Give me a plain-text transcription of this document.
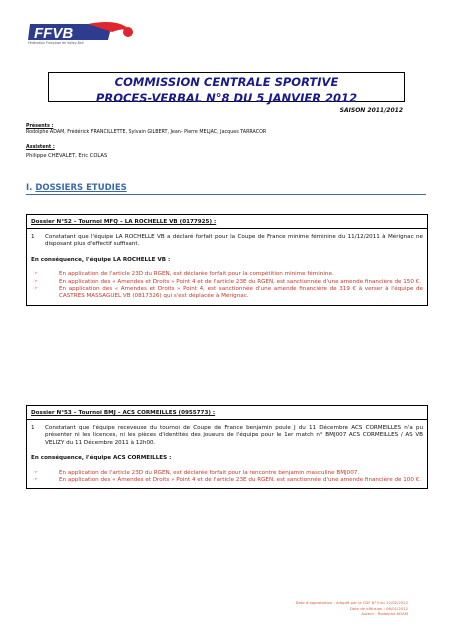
FFVB
Fédération Française de Volley-Ball
COMMISSION CENTRALE SPORTIVE
PROCES-VERBAL N°8 DU 5 JANVIER 2012
SAISON 2011/2012
Présents :
Rodolphe ADAM, Frédérick FRANCILLETTE, Sylvain GILBERT, Jean- Pierre MELJAC, Jacques TARRACOR
Assistent :
Philippe CHEVALET, Eric COLAS
I. DOSSIERS ETUDIES
Dossier N°52 – Tournoi MFQ – LA ROCHELLE VB (0177925) :
1	Constatant que l'équipe LA ROCHELLE VB a déclaré forfait pour la Coupe de France minime féminine du 11/12/2011 à Mérignac ne disposant plus d'effectif suffisant.
En conséquence, l'équipe LA ROCHELLE VB :
☞	En application de l'article 23D du RGEN, est déclarée forfait pour la compétition minime féminine.
☞	En application des « Amendes et Droits » Point 4 et de l'article 23E du RGEN, est sanctionnée d'une amende financière de 150 €.
☞	En application des « Amendes et Droits » Point 4, est sanctionnée d'une amende financière de 319 € à verser à l'équipe de CASTRES MASSAGUEL VB (0817326) qui s'est déplacée à Mérignac.
Dossier N°53 – Tournoi BMJ – ACS CORMEILLES (0955773) :
1	Constatant que l'équipe receveuse du tournoi de Coupe de France benjamin poule J du 11 Décembre ACS CORMEILLES n'a pu présenter ni les licences, ni les pièces d'identités des joueurs de l'équipe pour le 1er match n° BMJ007 ACS CORMEILLES / AS VB VELIZY du 11 Décembre 2011 à 12h00.
En conséquence, l'équipe ACS CORMEILLES :
☞	En application de l'article 23D du RGEN, est déclarée forfait pour la rencontre benjamin masculine BMJ007.
☞	En application des « Amendes et Droits » Point 4 et de l'article 23E du RGEN, est sanctionnée d'une amende financière de 100 €.
Date d'approbation : Adopté par la CDF N°3 du 12/02/2012
Date de diffusion : 06/01/2012
Auteur : Rodolphe ADAM
